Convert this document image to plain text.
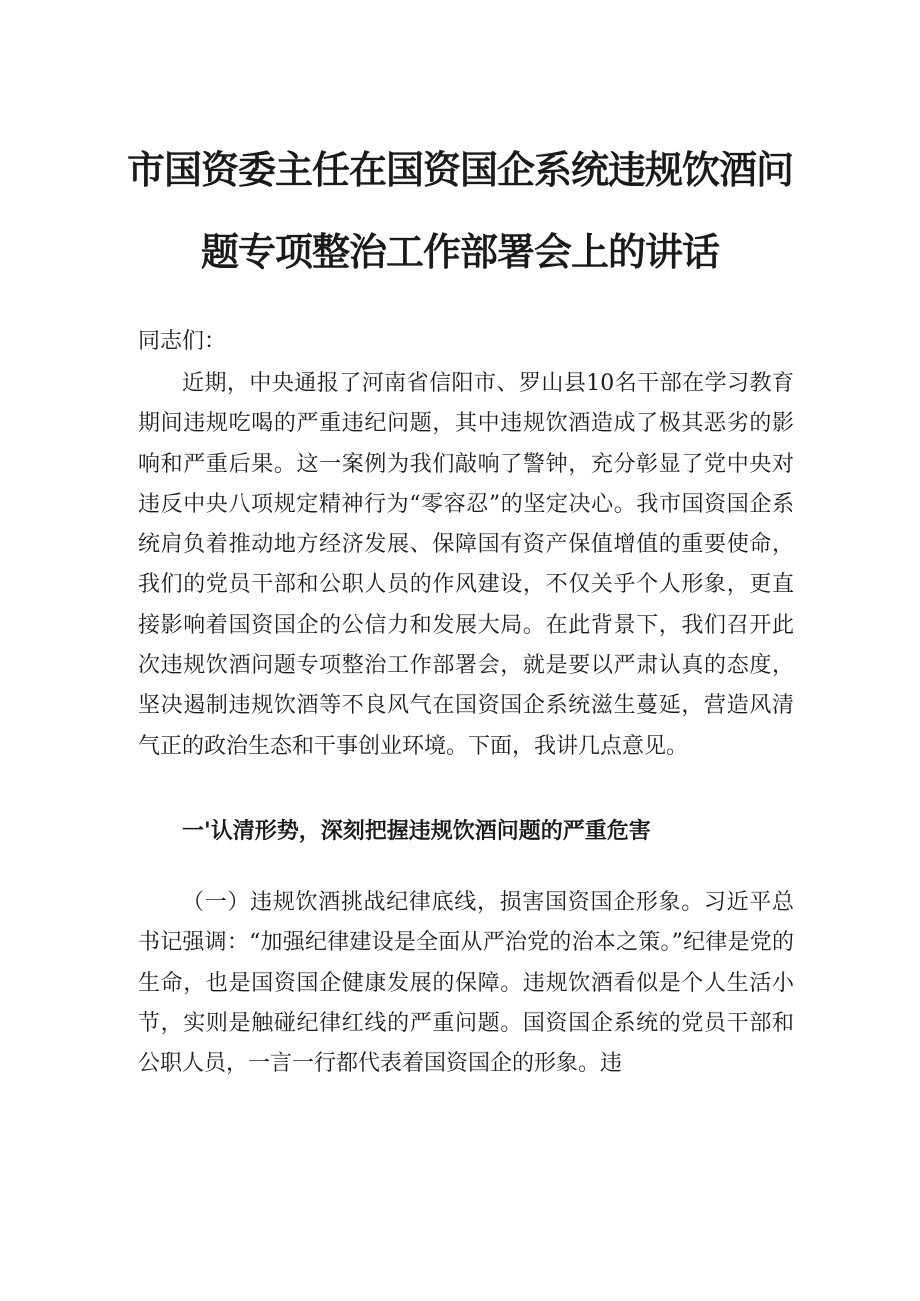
市国资委主任在国资国企系统违规饮酒问
题专项整治工作部署会上的讲话

同志们：

近期，中央通报了河南省信阳市、罗山县10名干部在学习教育期间违规吃喝的严重违纪问题，其中违规饮酒造成了极其恶劣的影响和严重后果。这一案例为我们敲响了警钟，充分彰显了党中央对违反中央八项规定精神行为“零容忍”的坚定决心。我市国资国企系统肩负着推动地方经济发展、保障国有资产保值增值的重要使命，我们的党员干部和公职人员的作风建设，不仅关乎个人形象，更直接影响着国资国企的公信力和发展大局。在此背景下，我们召开此次违规饮酒问题专项整治工作部署会，就是要以严肃认真的态度，坚决遏制违规饮酒等不良风气在国资国企系统滋生蔓延，营造风清气正的政治生态和干事创业环境。下面，我讲几点意见。

一'认清形势，深刻把握违规饮酒问题的严重危害

（一）违规饮酒挑战纪律底线，损害国资国企形象。习近平总书记强调：“加强纪律建设是全面从严治党的治本之策。”纪律是党的生命，也是国资国企健康发展的保障。违规饮酒看似是个人生活小节，实则是触碰纪律红线的严重问题。国资国企系统的党员干部和公职人员，一言一行都代表着国资国企的形象。违
